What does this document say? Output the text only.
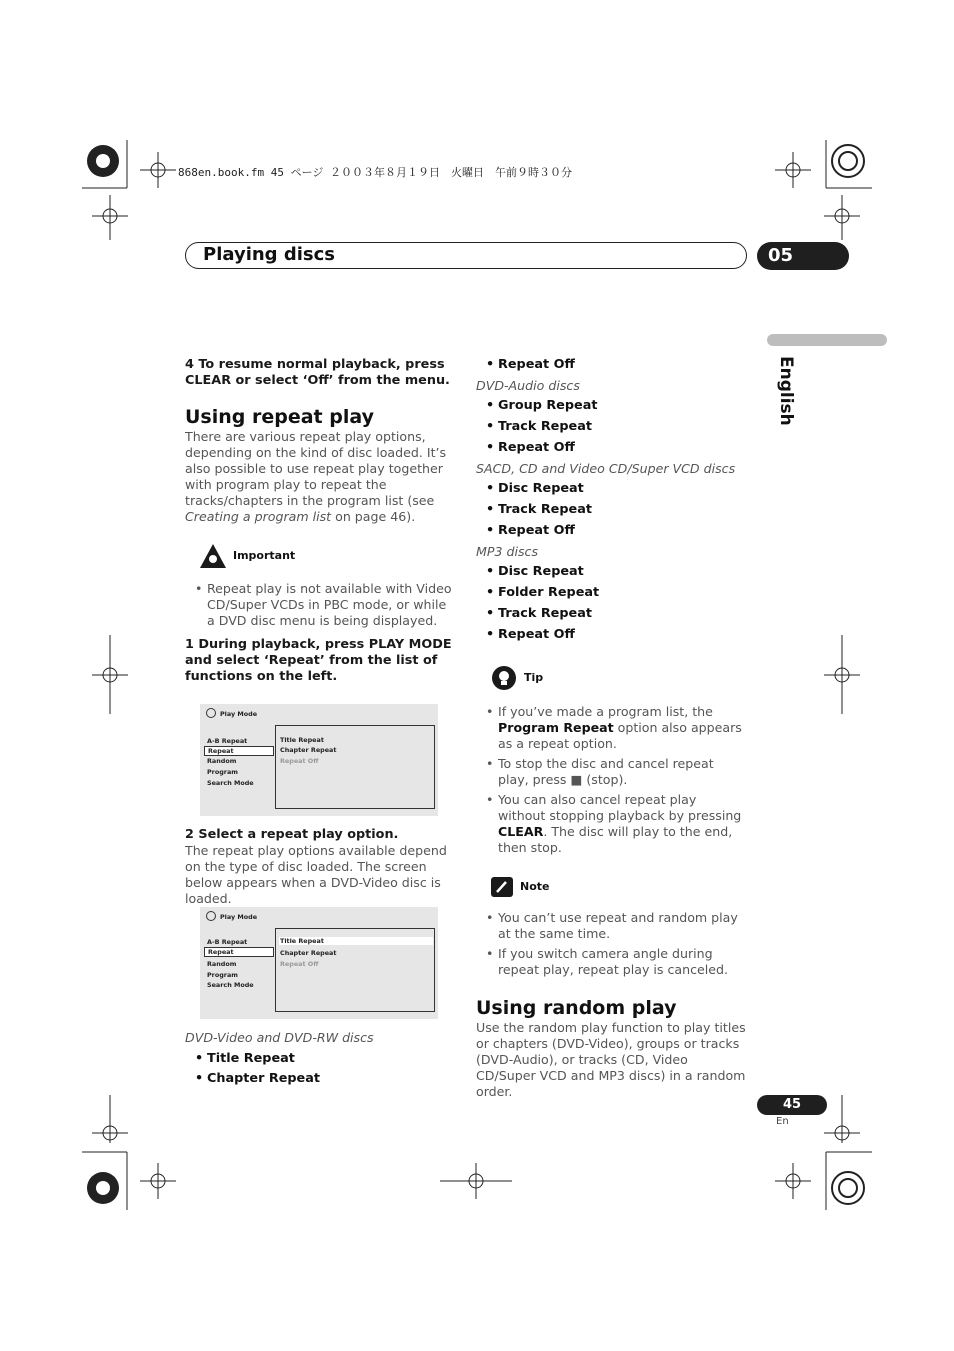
868en.book.fm 45 ページ ２００３年８月１９日　火曜日　午前９時３０分
Playing discs	05
English
4 To resume normal playback, press CLEAR or select ‘Off’ from the menu.
Using repeat play
There are various repeat play options, depending on the kind of disc loaded. It’s also possible to use repeat play together with program play to repeat the tracks/chapters in the program list (see Creating a program list on page 46).
Important
• Repeat play is not available with Video CD/Super VCDs in PBC mode, or while a DVD disc menu is being displayed.
1 During playback, press PLAY MODE and select ‘Repeat’ from the list of functions on the left.
Play Mode
A-B Repeat
Repeat
Random
Program
Search Mode
Title Repeat
Chapter Repeat
Repeat Off
2 Select a repeat play option.
The repeat play options available depend on the type of disc loaded. The screen below appears when a DVD-Video disc is loaded.
Play Mode
A-B Repeat
Repeat
Random
Program
Search Mode
Title Repeat
Chapter Repeat
Repeat Off
DVD-Video and DVD-RW discs
• Title Repeat
• Chapter Repeat
• Repeat Off
DVD-Audio discs
• Group Repeat
• Track Repeat
• Repeat Off
SACD, CD and Video CD/Super VCD discs
• Disc Repeat
• Track Repeat
• Repeat Off
MP3 discs
• Disc Repeat
• Folder Repeat
• Track Repeat
• Repeat Off
Tip
• If you’ve made a program list, the Program Repeat option also appears as a repeat option.
• To stop the disc and cancel repeat play, press ■ (stop).
• You can also cancel repeat play without stopping playback by pressing CLEAR. The disc will play to the end, then stop.
Note
• You can’t use repeat and random play at the same time.
• If you switch camera angle during repeat play, repeat play is canceled.
Using random play
Use the random play function to play titles or chapters (DVD-Video), groups or tracks (DVD-Audio), or tracks (CD, Video CD/Super VCD and MP3 discs) in a random order.
45
En
